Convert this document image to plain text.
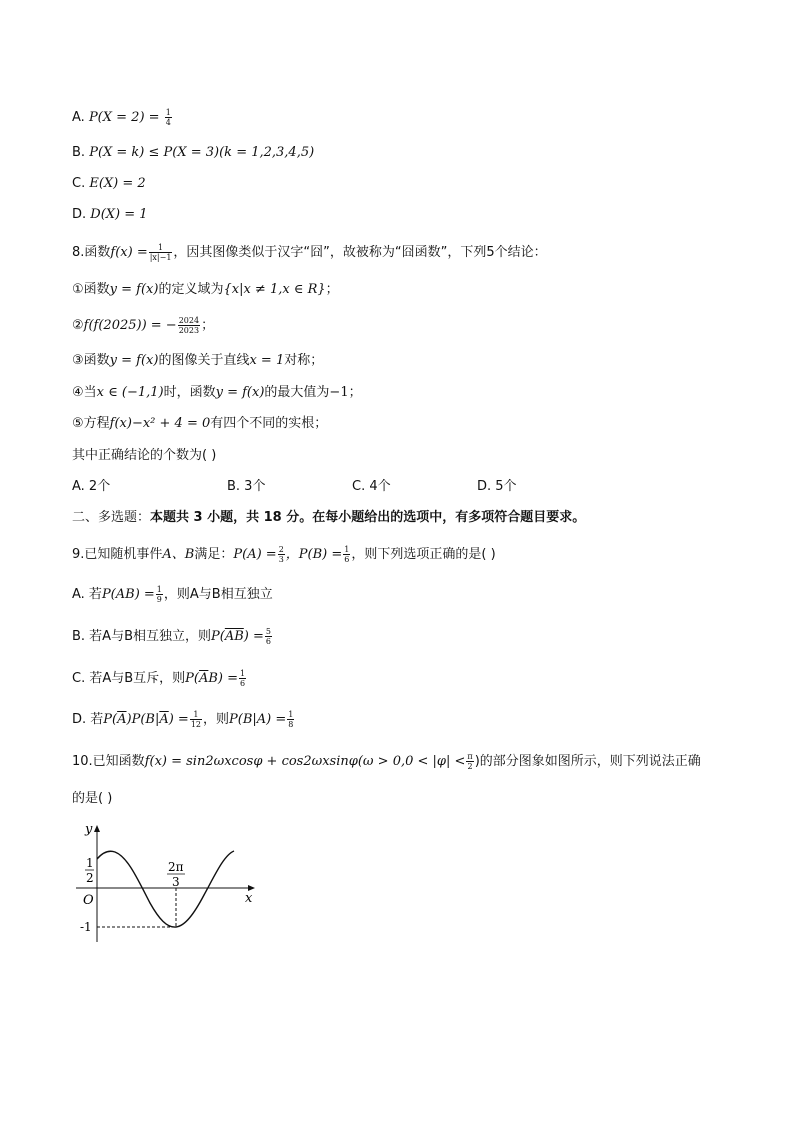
A. $P(X = 2) = \frac{1}{4}$
B. P(X = k) ≤ P(X = 3)(k = 1,2,3,4,5)
C. E(X) = 2
D. D(X) = 1
8.函数$f(x) = \frac{1}{|x|-1}$ ，因其图像类似于汉字“囧”，故被称为“囧函数”，下列5个结论：
①函数y = f(x)的定义域为{x|x ≠ 1,x ∈ R}；
②f(f(2025)) = − $\frac{2024}{2023}$ ；
③函数y = f(x)的图像关于直线x = 1对称；
④当x ∈ (−1,1)时，函数y = f(x)的最大值为−1；
⑤方程f(x)−x² + 4 = 0有四个不同的实根；
其中正确结论的个数为( )
A. 2个	B. 3个	C. 4个	D. 5个
二、多选题：本题共 3 小题，共 18 分。在每小题给出的选项中，有多项符合题目要求。
9.已知随机事件A、B满足：$P(A) = \frac{2}{3}$ ，$P(B) = \frac{1}{6}$ ，则下列选项正确的是( )
A. 若$P(AB) = \frac{1}{9}$ ，则A与B相互独立
B. 若A与B相互独立，则$P(\overline{AB}) = \frac{5}{6}$
C. 若A与B互斥，则$P(\overline{A}B) = \frac{1}{6}$
D. 若$P(\overline{A})P(B|\overline{A}) = \frac{1}{12}$ ，则$P(B|A) = \frac{1}{8}$
10.已知函数$f(x) = \sin 2\omega xcos\varphi + \cos 2\omega xsin\varphi(\omega > 0,0 < |\varphi| < \frac{\pi}{2}$ )的部分图象如图所示，则下列说法正确
的是( )
y
x
O
1
2
2π
3
-1
